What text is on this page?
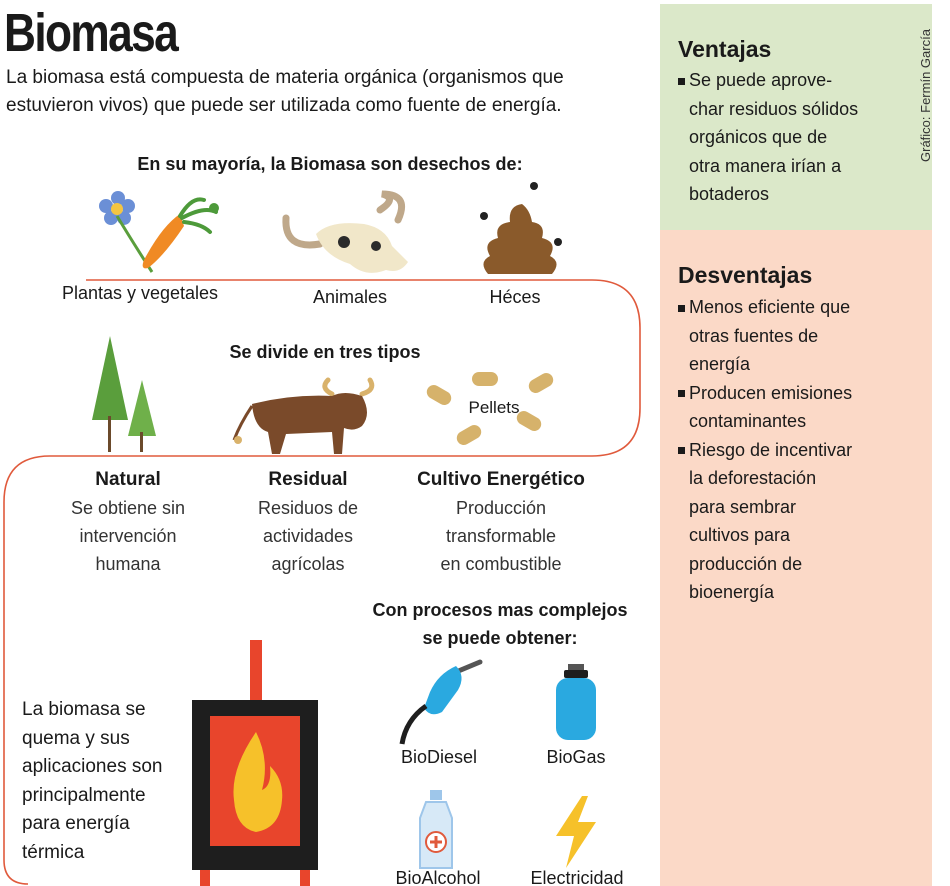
Biomasa
La biomasa está compuesta de materia orgánica (organismos que
estuvieron vivos) que puede ser utilizada como fuente de energía.
En su mayoría, la Biomasa son desechos de:
Plantas y vegetales	Animales	Héces
Se divide en tres tipos
Pellets
Natural
Se obtiene sin
intervención
humana
Residual
Residuos de
actividades
agrícolas
Cultivo Energético
Producción
transformable
en combustible
Con procesos mas complejos
se puede obtener:
La biomasa se
quema y sus
aplicaciones son
principalmente
para energía
térmica
BioDiesel	BioGas
BioAlcohol	Electricidad
Ventajas
Se puede aprove-
char residuos sólidos
orgánicos que de
otra manera irían a
botaderos
Desventajas
Menos eficiente que
otras fuentes de
energía
Producen emisiones
contaminantes
Riesgo de incentivar
la deforestación
para sembrar
cultivos para
producción de
bioenergía
Gráfico: Fermín García
